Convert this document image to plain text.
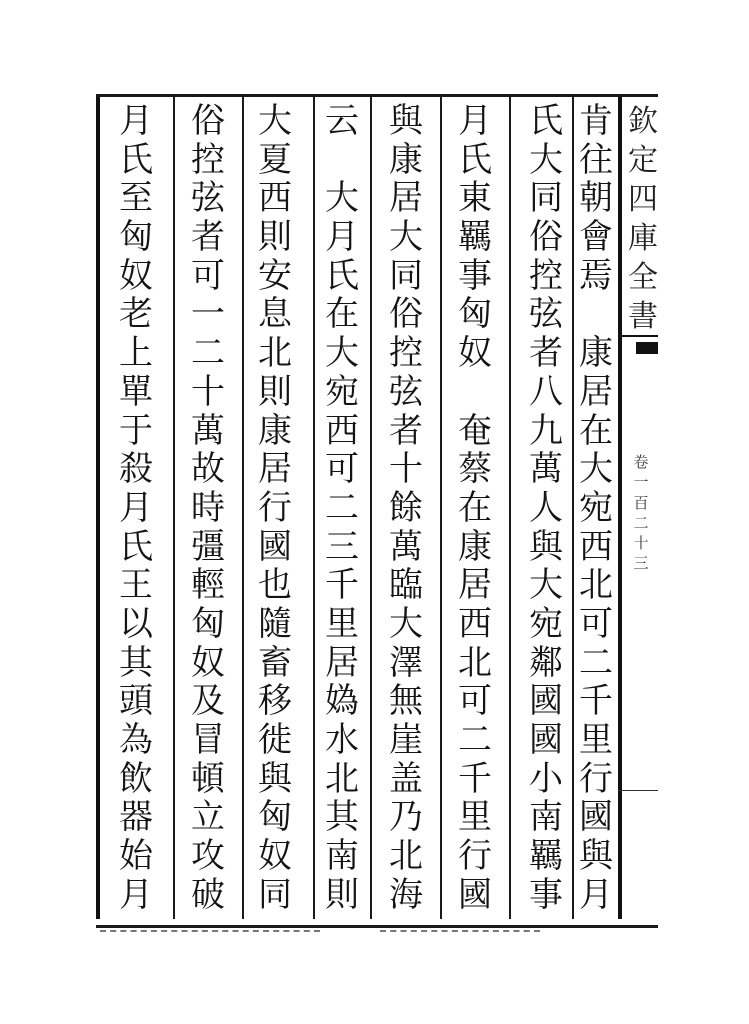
肯
往
朝
會
焉

康
居
在
大
宛
西
北
可
二
千
里
行
國
與
月
氏
大
同
俗
控
弦
者
八
九
萬
人
與
大
宛
鄰
國
國
小
南
羈
事
月
氏
東
羈
事
匈
奴

奄
蔡
在
康
居
西
北
可
二
千
里
行
國
與
康
居
大
同
俗
控
弦
者
十
餘
萬
臨
大
澤
無
崖
盖
乃
北
海
云

大
月
氏
在
大
宛
西
可
二
三
千
里
居
媯
水
北
其
南
則
大
夏
西
則
安
息
北
則
康
居
行
國
也
隨
畜
移
徙
與
匈
奴
同
俗
控
弦
者
可
一
二
十
萬
故
時
彊
輕
匈
奴
及
冒
頓
立
攻
破
月
氏
至
匈
奴
老
上
單
于
殺
月
氏
王
以
其
頭
為
飲
器
始
月
欽
定
四
庫
全
書
卷
一
百
二
十
三
